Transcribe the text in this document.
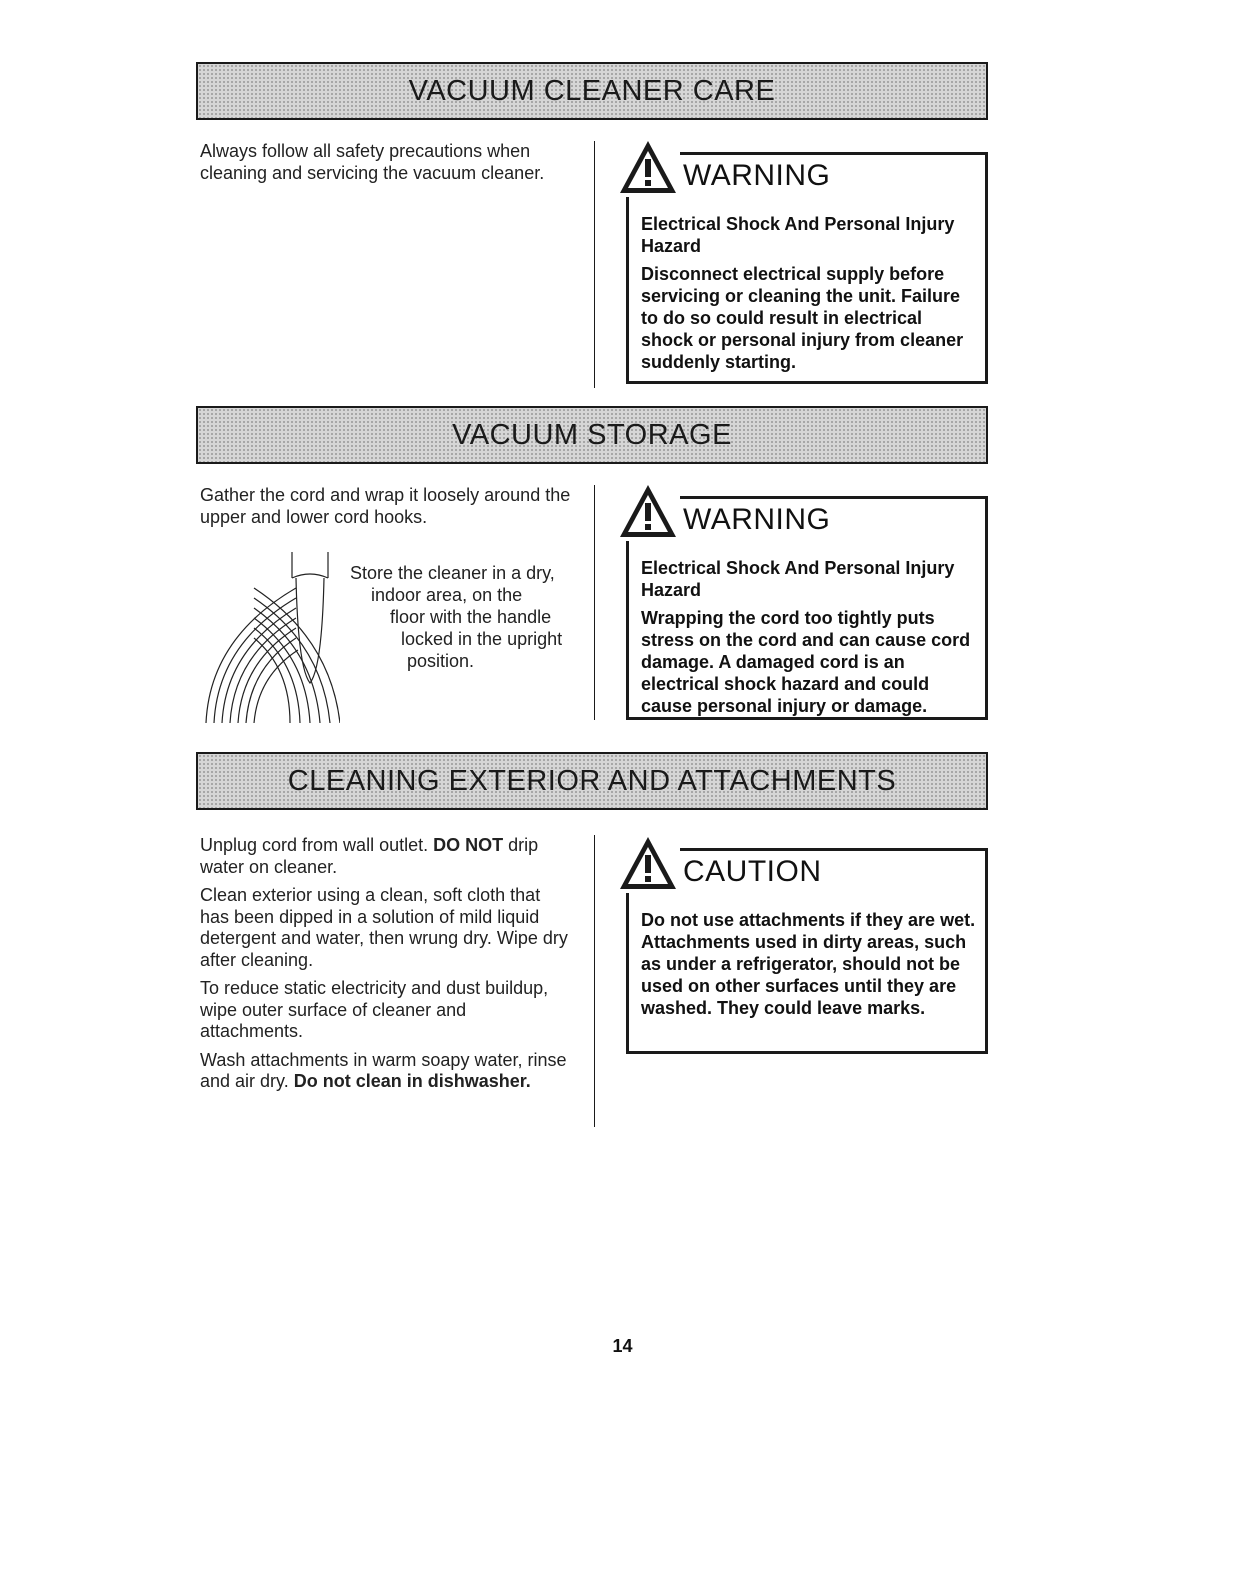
VACUUM CLEANER CARE

Always follow all safety precautions when cleaning and servicing the vacuum cleaner.	WARNING

Electrical Shock And Personal Injury Hazard

Disconnect electrical supply before servicing or cleaning the unit. Failure to do so could result in electrical shock or personal injury from cleaner suddenly starting.

VACUUM STORAGE

Gather the cord and wrap it loosely around the upper and lower cord hooks.

Store the cleaner in a dry,
indoor area, on the
floor with the handle
locked in the upright
position.
WARNING

Electrical Shock And Personal Injury Hazard

Wrapping the cord too tightly puts stress on the cord and can cause cord damage. A damaged cord is an electrical shock hazard and could cause personal injury or damage.

CLEANING EXTERIOR AND ATTACHMENTS

Unplug cord from wall outlet. DO NOT drip water on cleaner.

Clean exterior using a clean, soft cloth that has been dipped in a solution of mild liquid detergent and water, then wrung dry. Wipe dry after cleaning.

To reduce static electricity and dust buildup, wipe outer surface of cleaner and attachments.

Wash attachments in warm soapy water, rinse and air dry. Do not clean in dishwasher.

CAUTION

Do not use attachments if they are wet. Attachments used in dirty areas, such as under a refrigerator, should not be used on other surfaces until they are washed. They could leave marks.

14
